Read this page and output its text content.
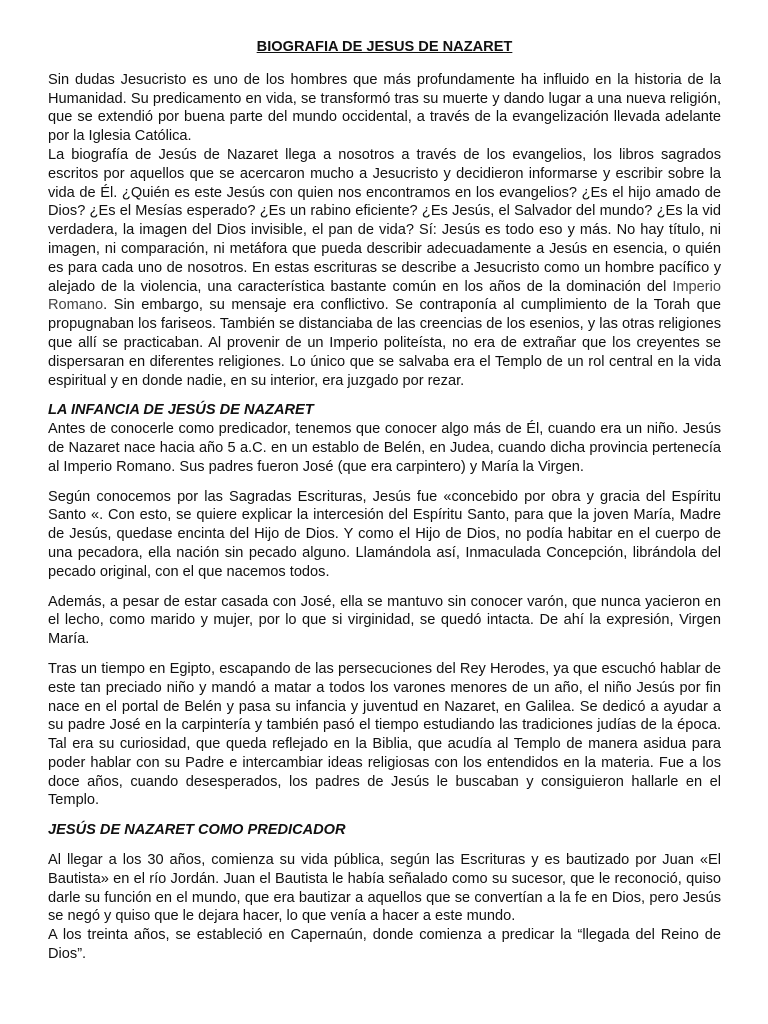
BIOGRAFIA DE JESUS DE NAZARET

Sin dudas Jesucristo es uno de los hombres que más profundamente ha influido en la historia de la Humanidad. Su predicamento en vida, se transformó tras su muerte y dando lugar a una nueva religión, que se extendió por buena parte del mundo occidental, a través de la evangelización llevada adelante por la Iglesia Católica.

La biografía de Jesús de Nazaret llega a nosotros a través de los evangelios, los libros sagrados escritos por aquellos que se acercaron mucho a Jesucristo y decidieron informarse y escribir sobre la vida de Él. ¿Quién es este Jesús con quien nos encontramos en los evangelios? ¿Es el hijo amado de Dios? ¿Es el Mesías esperado? ¿Es un rabino eficiente? ¿Es Jesús, el Salvador del mundo? ¿Es la vid verdadera, la imagen del Dios invisible, el pan de vida? Sí: Jesús es todo eso y más. No hay título, ni imagen, ni comparación, ni metáfora que pueda describir adecuadamente a Jesús en esencia, o quién es para cada uno de nosotros. En estas escrituras se describe a Jesucristo como un hombre pacífico y alejado de la violencia, una característica bastante común en los años de la dominación del Imperio Romano. Sin embargo, su mensaje era conflictivo. Se contraponía al cumplimiento de la Torah que propugnaban los fariseos. También se distanciaba de las creencias de los esenios, y las otras religiones que allí se practicaban. Al provenir de un Imperio politeísta, no era de extrañar que los creyentes se dispersaran en diferentes religiones. Lo único que se salvaba era el Templo de un rol central en la vida espiritual y en donde nadie, en su interior, era juzgado por rezar.

LA INFANCIA DE JESÚS DE NAZARET

Antes de conocerle como predicador, tenemos que conocer algo más de Él, cuando era un niño. Jesús de Nazaret nace hacia año 5 a.C. en un establo de Belén, en Judea, cuando dicha provincia pertenecía al Imperio Romano. Sus padres fueron José (que era carpintero) y María la Virgen.

Según conocemos por las Sagradas Escrituras, Jesús fue «concebido por obra y gracia del Espíritu Santo «. Con esto, se quiere explicar la intercesión del Espíritu Santo, para que la joven María, Madre de Jesús, quedase encinta del Hijo de Dios. Y como el Hijo de Dios, no podía habitar en el cuerpo de una pecadora, ella nación sin pecado alguno. Llamándola así, Inmaculada Concepción, librándola del pecado original, con el que nacemos todos.

Además, a pesar de estar casada con José, ella se mantuvo sin conocer varón, que nunca yacieron en el lecho, como marido y mujer, por lo que si virginidad, se quedó intacta. De ahí la expresión, Virgen María.

Tras un tiempo en Egipto, escapando de las persecuciones del Rey Herodes, ya que escuchó hablar de este tan preciado niño y mandó a matar a todos los varones menores de un año, el niño Jesús por fin nace en el portal de Belén y pasa su infancia y juventud en Nazaret, en Galilea. Se dedicó a ayudar a su padre José en la carpintería y también pasó el tiempo estudiando las tradiciones judías de la época. Tal era su curiosidad, que queda reflejado en la Biblia, que acudía al Templo de manera asidua para poder hablar con su Padre e intercambiar ideas religiosas con los entendidos en la materia. Fue a los doce años, cuando desesperados, los padres de Jesús le buscaban y consiguieron hallarle en el Templo.

JESÚS DE NAZARET COMO PREDICADOR

Al llegar a los 30 años, comienza su vida pública, según las Escrituras y es bautizado por Juan «El Bautista» en el río Jordán. Juan el Bautista le había señalado como su sucesor, que le reconoció, quiso darle su función en el mundo, que era bautizar a aquellos que se convertían a la fe en Dios, pero Jesús se negó y quiso que le dejara hacer, lo que venía a hacer a este mundo.

A los treinta años, se estableció en Capernaún, donde comienza a predicar la “llegada del Reino de Dios”.
